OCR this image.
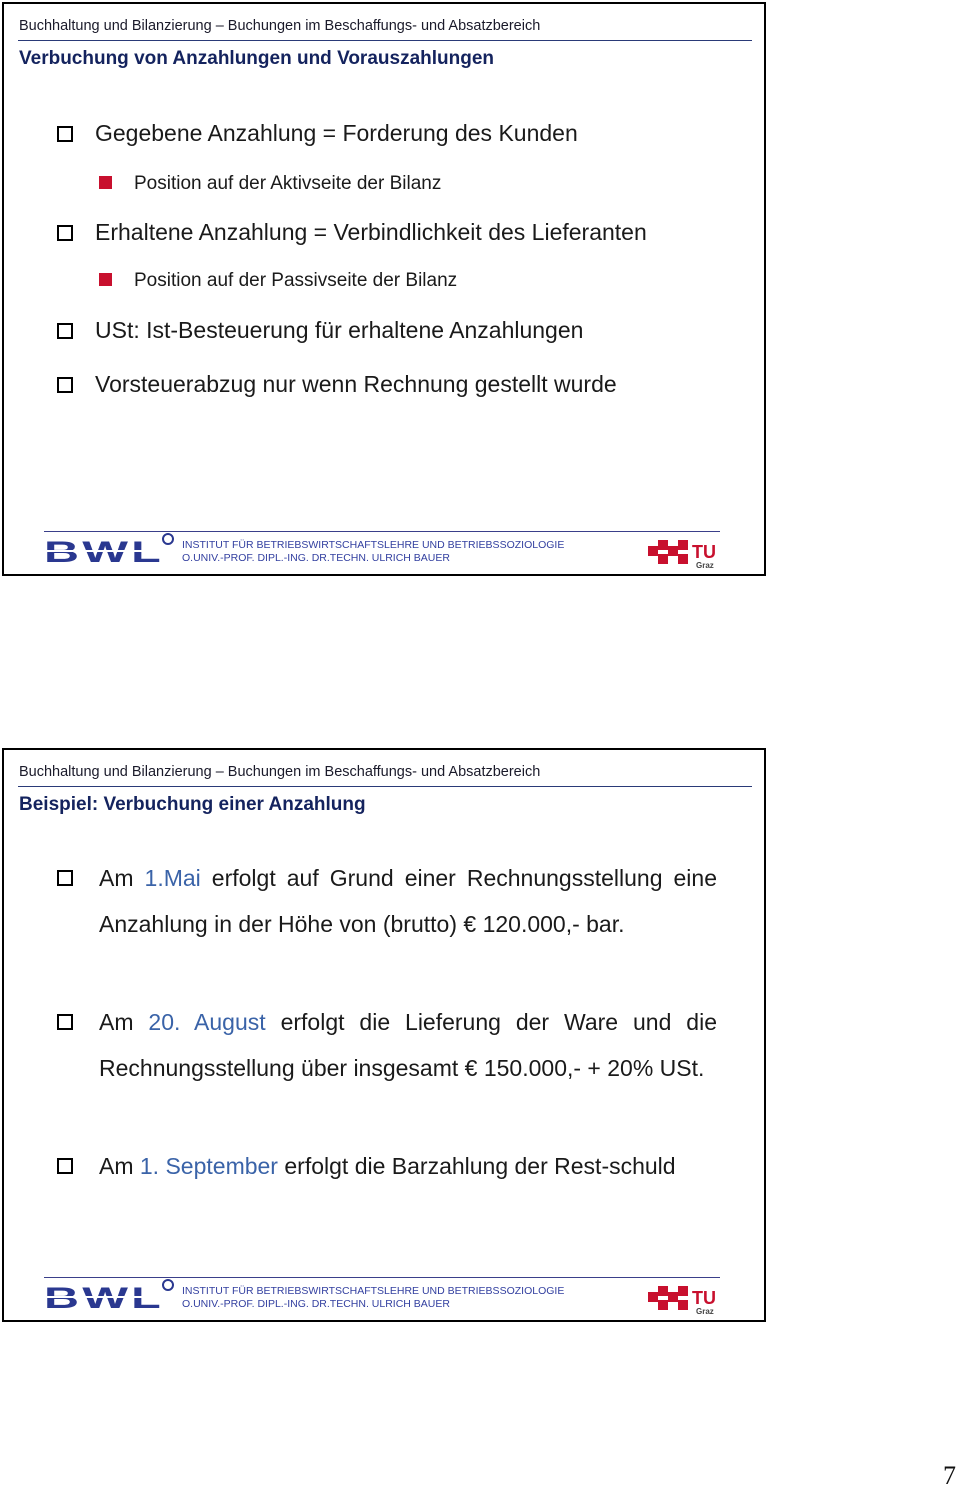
Buchhaltung und Bilanzierung – Buchungen im Beschaffungs- und Absatzbereich
Verbuchung von Anzahlungen und Vorauszahlungen
Gegebene Anzahlung = Forderung des Kunden
Position auf der Aktivseite der Bilanz
Erhaltene Anzahlung = Verbindlichkeit des Lieferanten
Position auf der Passivseite der Bilanz
USt: Ist-Besteuerung für erhaltene Anzahlungen
Vorsteuerabzug nur wenn Rechnung gestellt wurde
BWL INSTITUT FÜR BETRIEBSWIRTSCHAFTSLEHRE UND BETRIEBSSOZIOLOGIE
O.UNIV.-PROF. DIPL.-ING. DR.TECHN. ULRICH BAUER	TU
Graz
Buchhaltung und Bilanzierung – Buchungen im Beschaffungs- und Absatzbereich
Beispiel: Verbuchung einer Anzahlung
Am 1.Mai erfolgt auf Grund einer Rechnungsstellung eine Anzahlung in der Höhe von (brutto) € 120.000,- bar.
Am 20. August erfolgt die Lieferung der Ware und die Rechnungsstellung über insgesamt € 150.000,- + 20% USt.
Am 1. September erfolgt die Barzahlung der Rest-schuld
BWL INSTITUT FÜR BETRIEBSWIRTSCHAFTSLEHRE UND BETRIEBSSOZIOLOGIE
O.UNIV.-PROF. DIPL.-ING. DR.TECHN. ULRICH BAUER	TU
Graz
7
